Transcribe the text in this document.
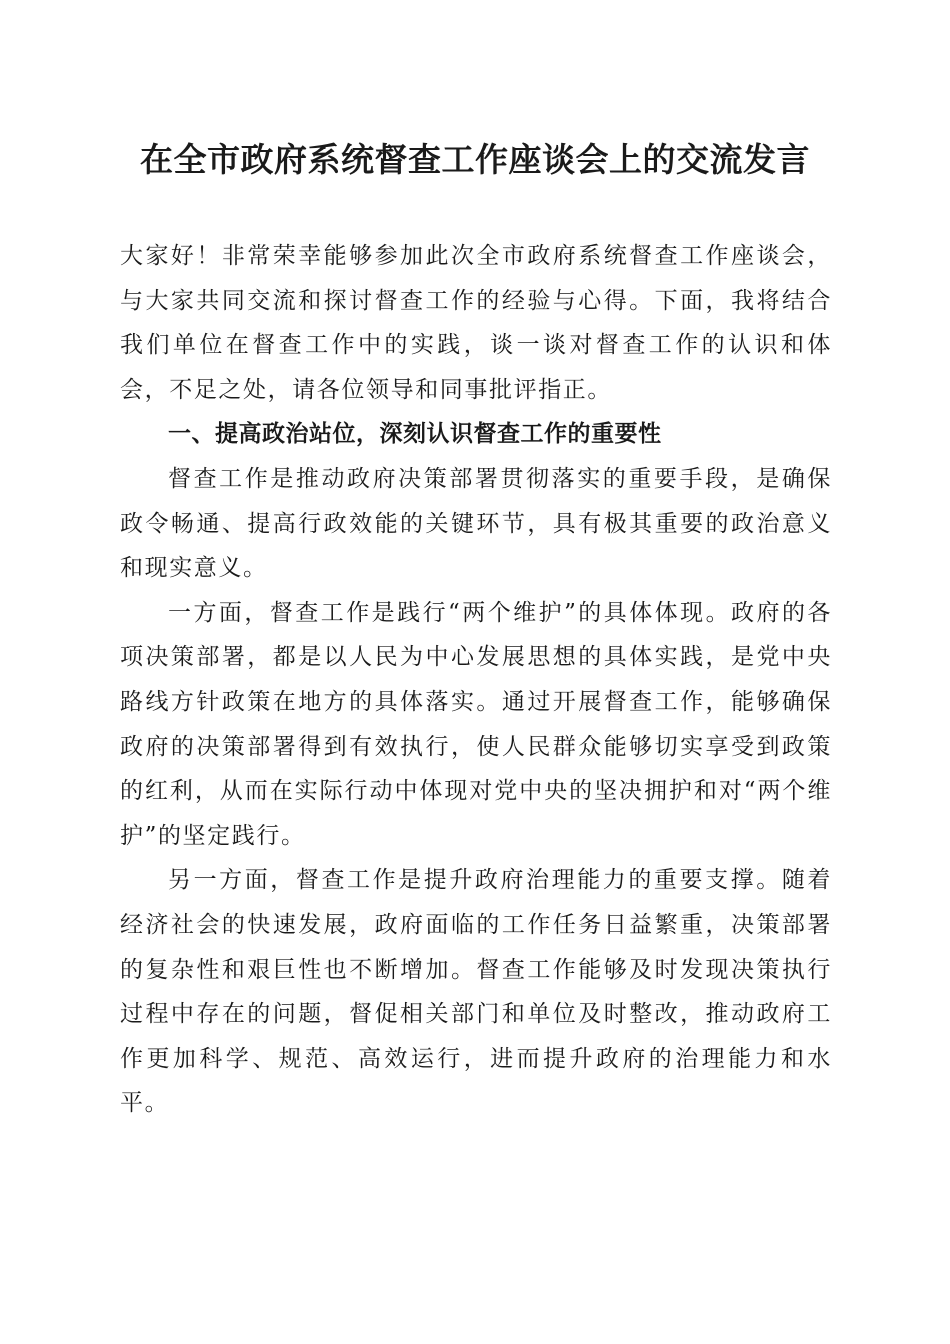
在全市政府系统督查工作座谈会上的交流发言

大家好！非常荣幸能够参加此次全市政府系统督查工作座谈会，与大家共同交流和探讨督查工作的经验与心得。下面，我将结合我们单位在督查工作中的实践，谈一谈对督查工作的认识和体会，不足之处，请各位领导和同事批评指正。

一、提高政治站位，深刻认识督查工作的重要性

督查工作是推动政府决策部署贯彻落实的重要手段，是确保政令畅通、提高行政效能的关键环节，具有极其重要的政治意义和现实意义。

一方面，督查工作是践行“两个维护”的具体体现。政府的各项决策部署，都是以人民为中心发展思想的具体实践，是党中央路线方针政策在地方的具体落实。通过开展督查工作，能够确保政府的决策部署得到有效执行，使人民群众能够切实享受到政策的红利，从而在实际行动中体现对党中央的坚决拥护和对“两个维护”的坚定践行。

另一方面，督查工作是提升政府治理能力的重要支撑。随着经济社会的快速发展，政府面临的工作任务日益繁重，决策部署的复杂性和艰巨性也不断增加。督查工作能够及时发现决策执行过程中存在的问题，督促相关部门和单位及时整改，推动政府工作更加科学、规范、高效运行，进而提升政府的治理能力和水平。
